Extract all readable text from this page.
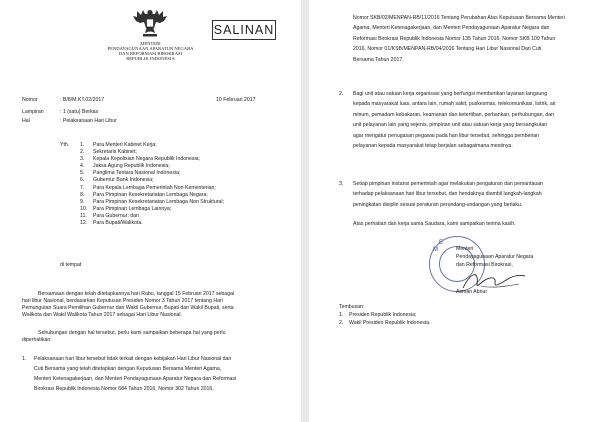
MENTERI
PENDAYAGUNAAN APARATUR NEGARA
DAN REFORMASI BIROKRASI
REPUBLIK INDONESIA
SALINAN
Nomor	: B/8/M.KT.02/2017	10 Februari 2017
Lampiran	: 1 (satu) Berkas
Hal	: Pelaksanaan Hari Libur
Yth. 1. Para Menteri Kabinet Kerja;
2. Sekretaris Kabinet;
3. Kepala Kepolisian Negara Republik Indonesia;
4. Jaksa Agung Republik Indonesia;
5. Panglima Tentara Nasional Indonesia;
6. Gubernur Bank Indonesia;
7. Para Kepala Lembaga Pemerintah Non Kementerian;
8. Para Pimpinan Kesekretariatan Lembaga Negara;
9. Para Pimpinan Kesekretariatan Lembaga Non Struktural;
10. Para Pimpinan Lembaga Lainnya;
11. Para Gubernur; dan
12. Para Bupati/Walikota.
di tempat
Bersamaan dengan telah ditetapkannya hari Rabu, tanggal 15 Februari 2017 sebagai
hari libur Nasional, berdasarkan Keputusan Presiden Nomor 3 Tahun 2017 tentang Hari
Pemungutan Suara Pemilihan Gubernur dan Wakil Gubernur, Bupati dan Wakil Bupati, serta
Walikota dan Wakil Walikota Tahun 2017 sebagai Hari Libur Nasional.
Sehubungan dengan hal tersebut, perlu kami sampaikan beberapa hal yang perlu
diperhatikan:
1. Pelaksanaan hari libur tersebut tidak terkait dengan kebijakan Hari Libur Nasional dan
Cuti Bersama yang telah ditetapkan dengan Keputusan Bersama Menteri Agama,
Menteri Ketenagakerjaan, dan Menteri Pendayagunaan Aparatur Negara dan Reformasi
Birokrasi Republik Indonesia Nomor 684 Tahun 2016, Nomor 302 Tahun 2016,
Nomor SKB/02/MENPAN-RB/11/2016 Tentang Perubahan Atas Keputusan Bersama Menteri
Agama, Menteri Ketenagakerjaan, dan Menteri Pendayagunaan Aparatur Negara dan
Reformasi Birokrasi Republik Indonesia Nomor 135 Tahun 2016, Nomor SKB 109 Tahun
2016, Nomor 01/KSB/MENPAN-RB/04/2016 Tentang Hari Libur Nasional Dan Cuti
Bersama Tahun 2017.
2. Bagi unit atau satuan kerja organisasi yang berfungsi memberikan layanan langsung
kepada masyarakat luas, antara lain, rumah sakit, puskesmas, telekomunikasi, listrik, air
minum, pemadam kebakaran, keamanan dan ketertiban, perbankan, perhubungan, dan
unit pelayanan lain yang sejenis, pimpinan unit atau satuan kerja yang bersangkutan
agar mengatur penugasan pegawai pada hari libur tersebut, sehingga pemberian
pelayanan kepada masyarakat tetap berjalan sebagaimana mestinya.
3. Setiap pimpinan instansi pemerintah agar melakukan pengaturan dan pemantauan
terhadap pelaksanaan hari libur tersebut, dan hendaknya diambil langkah-langkah
peningkatan disiplin sesuai peraturan perundang-undangan yang berlaku.
Atas perhatian dan kerja sama Saudara, kami sampaikan terima kasih.
M
E
Menteri
Pendayagunaan Aparatur Negara
dan Reformasi Birokrasi,
Asman Abnur
Tembusan:
1. Presiden Republik Indonesia;
2. Wakil Presiden Republik Indonesia.
